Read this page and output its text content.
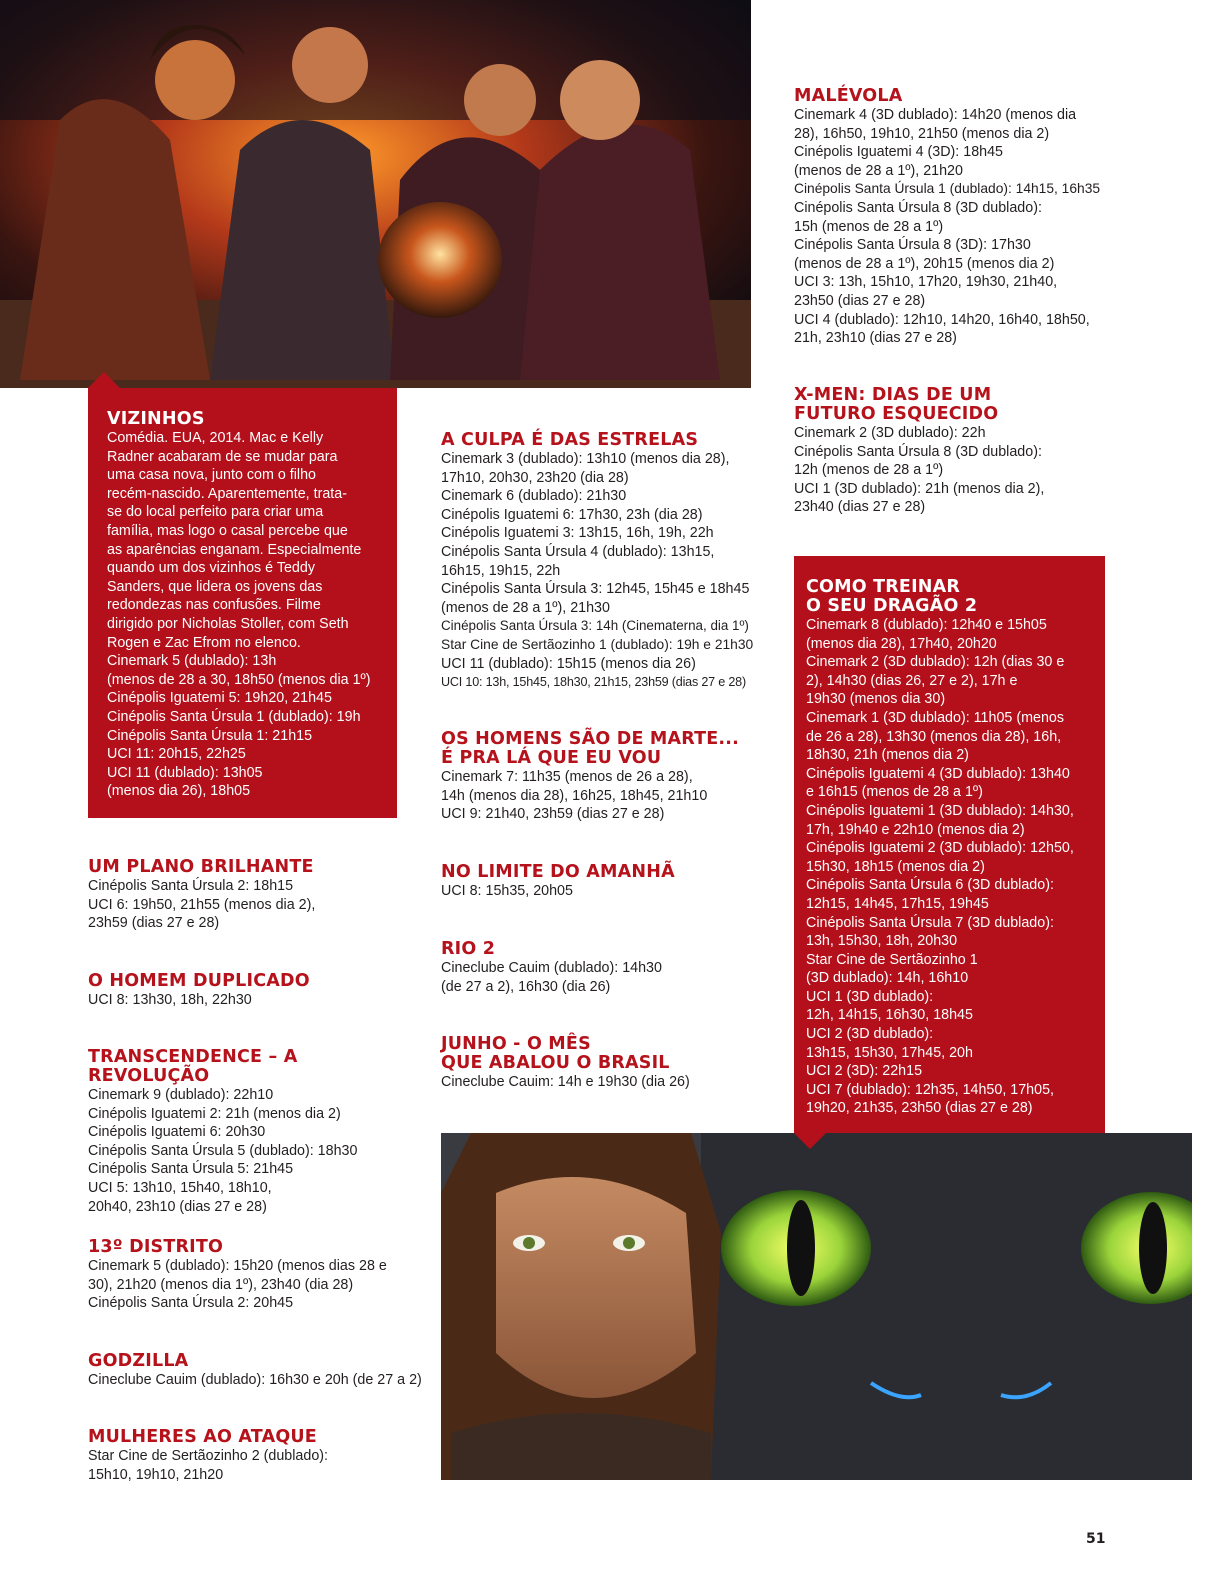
VIZINHOS

Comédia. EUA, 2014. Mac e Kelly
Radner acabaram de se mudar para
uma casa nova, junto com o filho
recém-nascido. Aparentemente, trata-
se do local perfeito para criar uma
família, mas logo o casal percebe que
as aparências enganam. Especialmente
quando um dos vizinhos é Teddy
Sanders, que lidera os jovens das
redondezas nas confusões. Filme
dirigido por Nicholas Stoller, com Seth
Rogen e Zac Efrom no elenco.
Cinemark 5 (dublado): 13h
(menos de 28 a 30, 18h50 (menos dia 1º)
Cinépolis Iguatemi 5: 19h20, 21h45
Cinépolis Santa Úrsula 1 (dublado): 19h
Cinépolis Santa Úrsula 1: 21h15
UCI 11: 20h15, 22h25
UCI 11 (dublado): 13h05
(menos dia 26), 18h05

UM PLANO BRILHANTE

Cinépolis Santa Úrsula 2: 18h15
UCI 6: 19h50, 21h55 (menos dia 2),
23h59 (dias 27 e 28)

O HOMEM DUPLICADO

UCI 8: 13h30, 18h, 22h30

TRANSCENDENCE – A REVOLUÇÃO

Cinemark 9 (dublado): 22h10
Cinépolis Iguatemi 2: 21h (menos dia 2)
Cinépolis Iguatemi 6: 20h30
Cinépolis Santa Úrsula 5 (dublado): 18h30
Cinépolis Santa Úrsula 5: 21h45
UCI 5: 13h10, 15h40, 18h10,
20h40, 23h10 (dias 27 e 28)

13º DISTRITO

Cinemark 5 (dublado): 15h20 (menos dias 28 e
30), 21h20 (menos dia 1º), 23h40 (dia 28)
Cinépolis Santa Úrsula 2: 20h45

GODZILLA

Cineclube Cauim (dublado): 16h30 e 20h (de 27 a 2)

MULHERES AO ATAQUE

Star Cine de Sertãozinho 2 (dublado):
15h10, 19h10, 21h20

A CULPA É DAS ESTRELAS

Cinemark 3 (dublado): 13h10 (menos dia 28),
17h10, 20h30, 23h20 (dia 28)
Cinemark 6 (dublado): 21h30
Cinépolis Iguatemi 6: 17h30, 23h (dia 28)
Cinépolis Iguatemi 3: 13h15, 16h, 19h, 22h
Cinépolis Santa Úrsula 4 (dublado): 13h15,
16h15, 19h15, 22h
Cinépolis Santa Úrsula 3: 12h45, 15h45 e 18h45
(menos de 28 a 1º), 21h30
Cinépolis Santa Úrsula 3: 14h (Cinematerna, dia 1º)
Star Cine de Sertãozinho 1 (dublado): 19h e 21h30
UCI 11 (dublado): 15h15 (menos dia 26)
UCI 10: 13h, 15h45, 18h30, 21h15, 23h59 (dias 27 e 28)

OS HOMENS SÃO DE MARTE...
É PRA LÁ QUE EU VOU

Cinemark 7: 11h35 (menos de 26 a 28),
14h (menos dia 28), 16h25, 18h45, 21h10
UCI 9: 21h40, 23h59 (dias 27 e 28)

NO LIMITE DO AMANHÃ

UCI 8: 15h35, 20h05

RIO 2

Cineclube Cauim (dublado): 14h30
(de 27 a 2), 16h30 (dia 26)

JUNHO - O MÊS
QUE ABALOU O BRASIL

Cineclube Cauim: 14h e 19h30 (dia 26)

MALÉVOLA

Cinemark 4 (3D dublado): 14h20 (menos dia
28), 16h50, 19h10, 21h50 (menos dia 2)
Cinépolis Iguatemi 4 (3D): 18h45
(menos de 28 a 1º), 21h20
Cinépolis Santa Úrsula 1 (dublado): 14h15, 16h35
Cinépolis Santa Úrsula 8 (3D dublado):
15h (menos de 28 a 1º)
Cinépolis Santa Úrsula 8 (3D): 17h30
(menos de 28 a 1º), 20h15 (menos dia 2)
UCI 3: 13h, 15h10, 17h20, 19h30, 21h40,
23h50 (dias 27 e 28)
UCI 4 (dublado): 12h10, 14h20, 16h40, 18h50,
21h, 23h10 (dias 27 e 28)

X-MEN: DIAS DE UM
FUTURO ESQUECIDO

Cinemark 2 (3D dublado): 22h
Cinépolis Santa Úrsula 8 (3D dublado):
12h (menos de 28 a 1º)
UCI 1 (3D dublado): 21h (menos dia 2),
23h40 (dias 27 e 28)

COMO TREINAR
O SEU DRAGÃO 2

Cinemark 8 (dublado): 12h40 e 15h05
(menos dia 28), 17h40, 20h20
Cinemark 2 (3D dublado): 12h (dias 30 e
2), 14h30 (dias 26, 27 e 2), 17h e
19h30 (menos dia 30)
Cinemark 1 (3D dublado): 11h05 (menos
de 26 a 28), 13h30 (menos dia 28), 16h,
18h30, 21h (menos dia 2)
Cinépolis Iguatemi 4 (3D dublado): 13h40
e 16h15 (menos de 28 a 1º)
Cinépolis Iguatemi 1 (3D dublado): 14h30,
17h, 19h40 e 22h10 (menos dia 2)
Cinépolis Iguatemi 2 (3D dublado): 12h50,
15h30, 18h15 (menos dia 2)
Cinépolis Santa Úrsula 6 (3D dublado):
12h15, 14h45, 17h15, 19h45
Cinépolis Santa Úrsula 7 (3D dublado):
13h, 15h30, 18h, 20h30
Star Cine de Sertãozinho 1
(3D dublado): 14h, 16h10
UCI 1 (3D dublado):
12h, 14h15, 16h30, 18h45
UCI 2 (3D dublado):
13h15, 15h30, 17h45, 20h
UCI 2 (3D): 22h15
UCI 7 (dublado): 12h35, 14h50, 17h05,
19h20, 21h35, 23h50 (dias 27 e 28)

51
